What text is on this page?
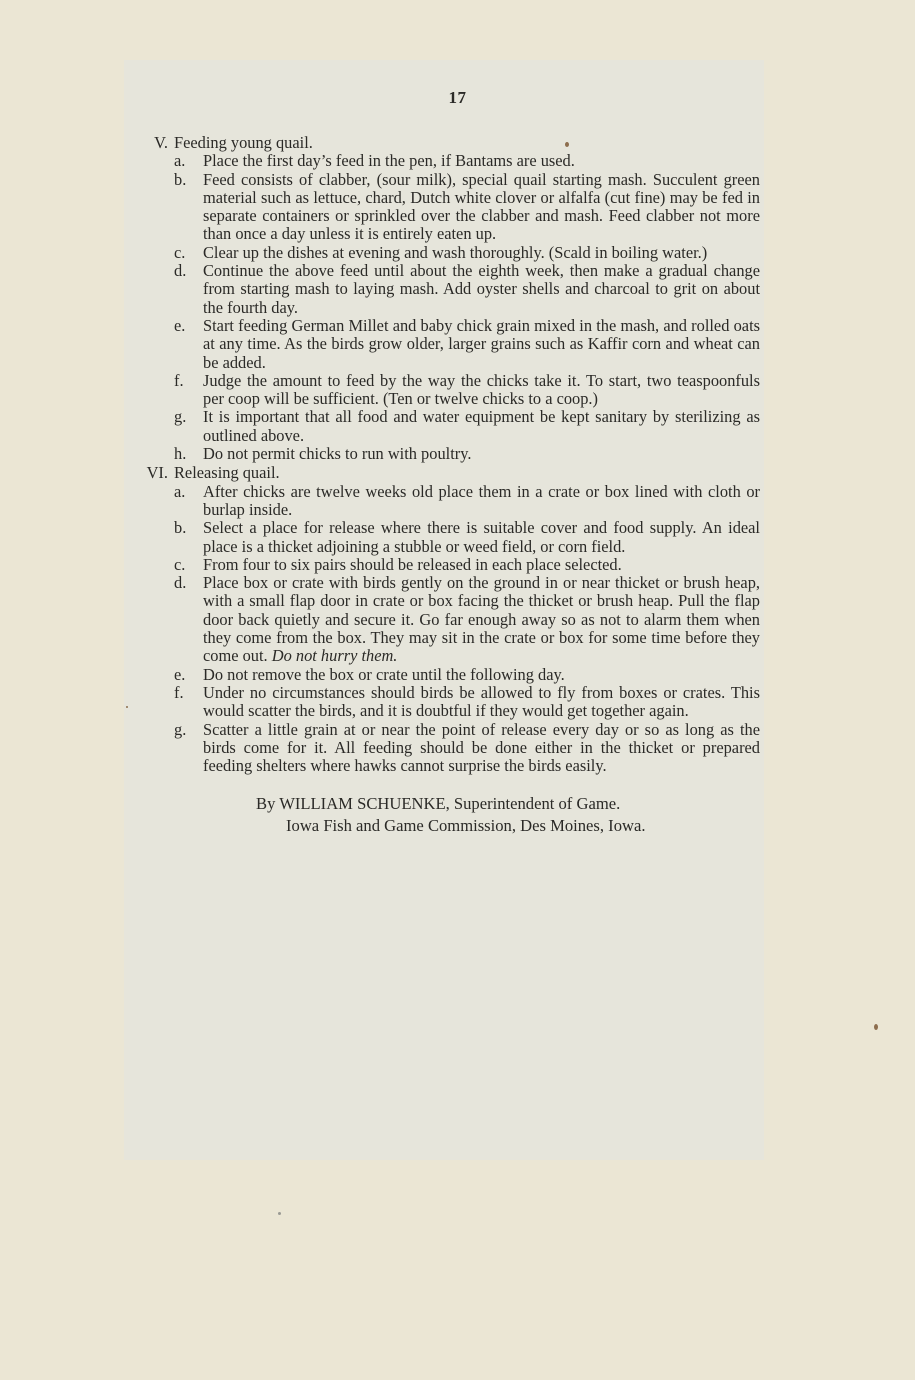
17
V. Feeding young quail.
a.	Place the first day’s feed in the pen, if Bantams are used.
b.	Feed consists of clabber, (sour milk), special quail starting mash. Succulent green material such as lettuce, chard, Dutch white clover or alfalfa (cut fine) may be fed in separate containers or sprinkled over the clabber and mash. Feed clabber not more than once a day unless it is entirely eaten up.
c.	Clear up the dishes at evening and wash thoroughly. (Scald in boiling water.)
d.	Continue the above feed until about the eighth week, then make a gradual change from starting mash to laying mash. Add oyster shells and charcoal to grit on about the fourth day.
e.	Start feeding German Millet and baby chick grain mixed in the mash, and rolled oats at any time. As the birds grow older, larger grains such as Kaffir corn and wheat can be added.
f.	Judge the amount to feed by the way the chicks take it. To start, two teaspoonfuls per coop will be sufficient. (Ten or twelve chicks to a coop.)
g.	It is important that all food and water equipment be kept sanitary by sterilizing as outlined above.
h.	Do not permit chicks to run with poultry.
VI. Releasing quail.
a.	After chicks are twelve weeks old place them in a crate or box lined with cloth or burlap inside.
b.	Select a place for release where there is suitable cover and food supply. An ideal place is a thicket adjoining a stubble or weed field, or corn field.
c.	From four to six pairs should be released in each place selected.
d.	Place box or crate with birds gently on the ground in or near thicket or brush heap, with a small flap door in crate or box facing the thicket or brush heap. Pull the flap door back quietly and secure it. Go far enough away so as not to alarm them when they come from the box. They may sit in the crate or box for some time before they come out. Do not hurry them.
e.	Do not remove the box or crate until the following day.
f.	Under no circumstances should birds be allowed to fly from boxes or crates. This would scatter the birds, and it is doubtful if they would get together again.
g.	Scatter a little grain at or near the point of release every day or so as long as the birds come for it. All feeding should be done either in the thicket or prepared feeding shelters where hawks cannot surprise the birds easily.
By WILLIAM SCHUENKE, Superintendent of Game.
Iowa Fish and Game Commission, Des Moines, Iowa.
